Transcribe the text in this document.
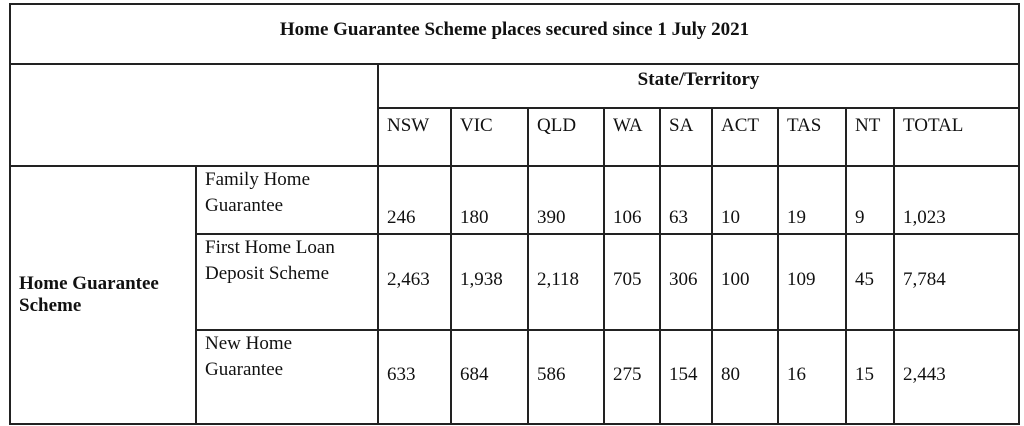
Home Guarantee Scheme places secured since 1 July 2021										

		State/Territory								

		NSW	VIC	QLD	WA	SA	ACT	TAS	NT	TOTAL
Home Guarantee Scheme	Family Home Guarantee	246	180	390	106	63	10	19	9	1,023
	First Home Loan Deposit Scheme	2,463	1,938	2,118	705	306	100	109	45	7,784
	New Home Guarantee	633	684	586	275	154	80	16	15	2,443
